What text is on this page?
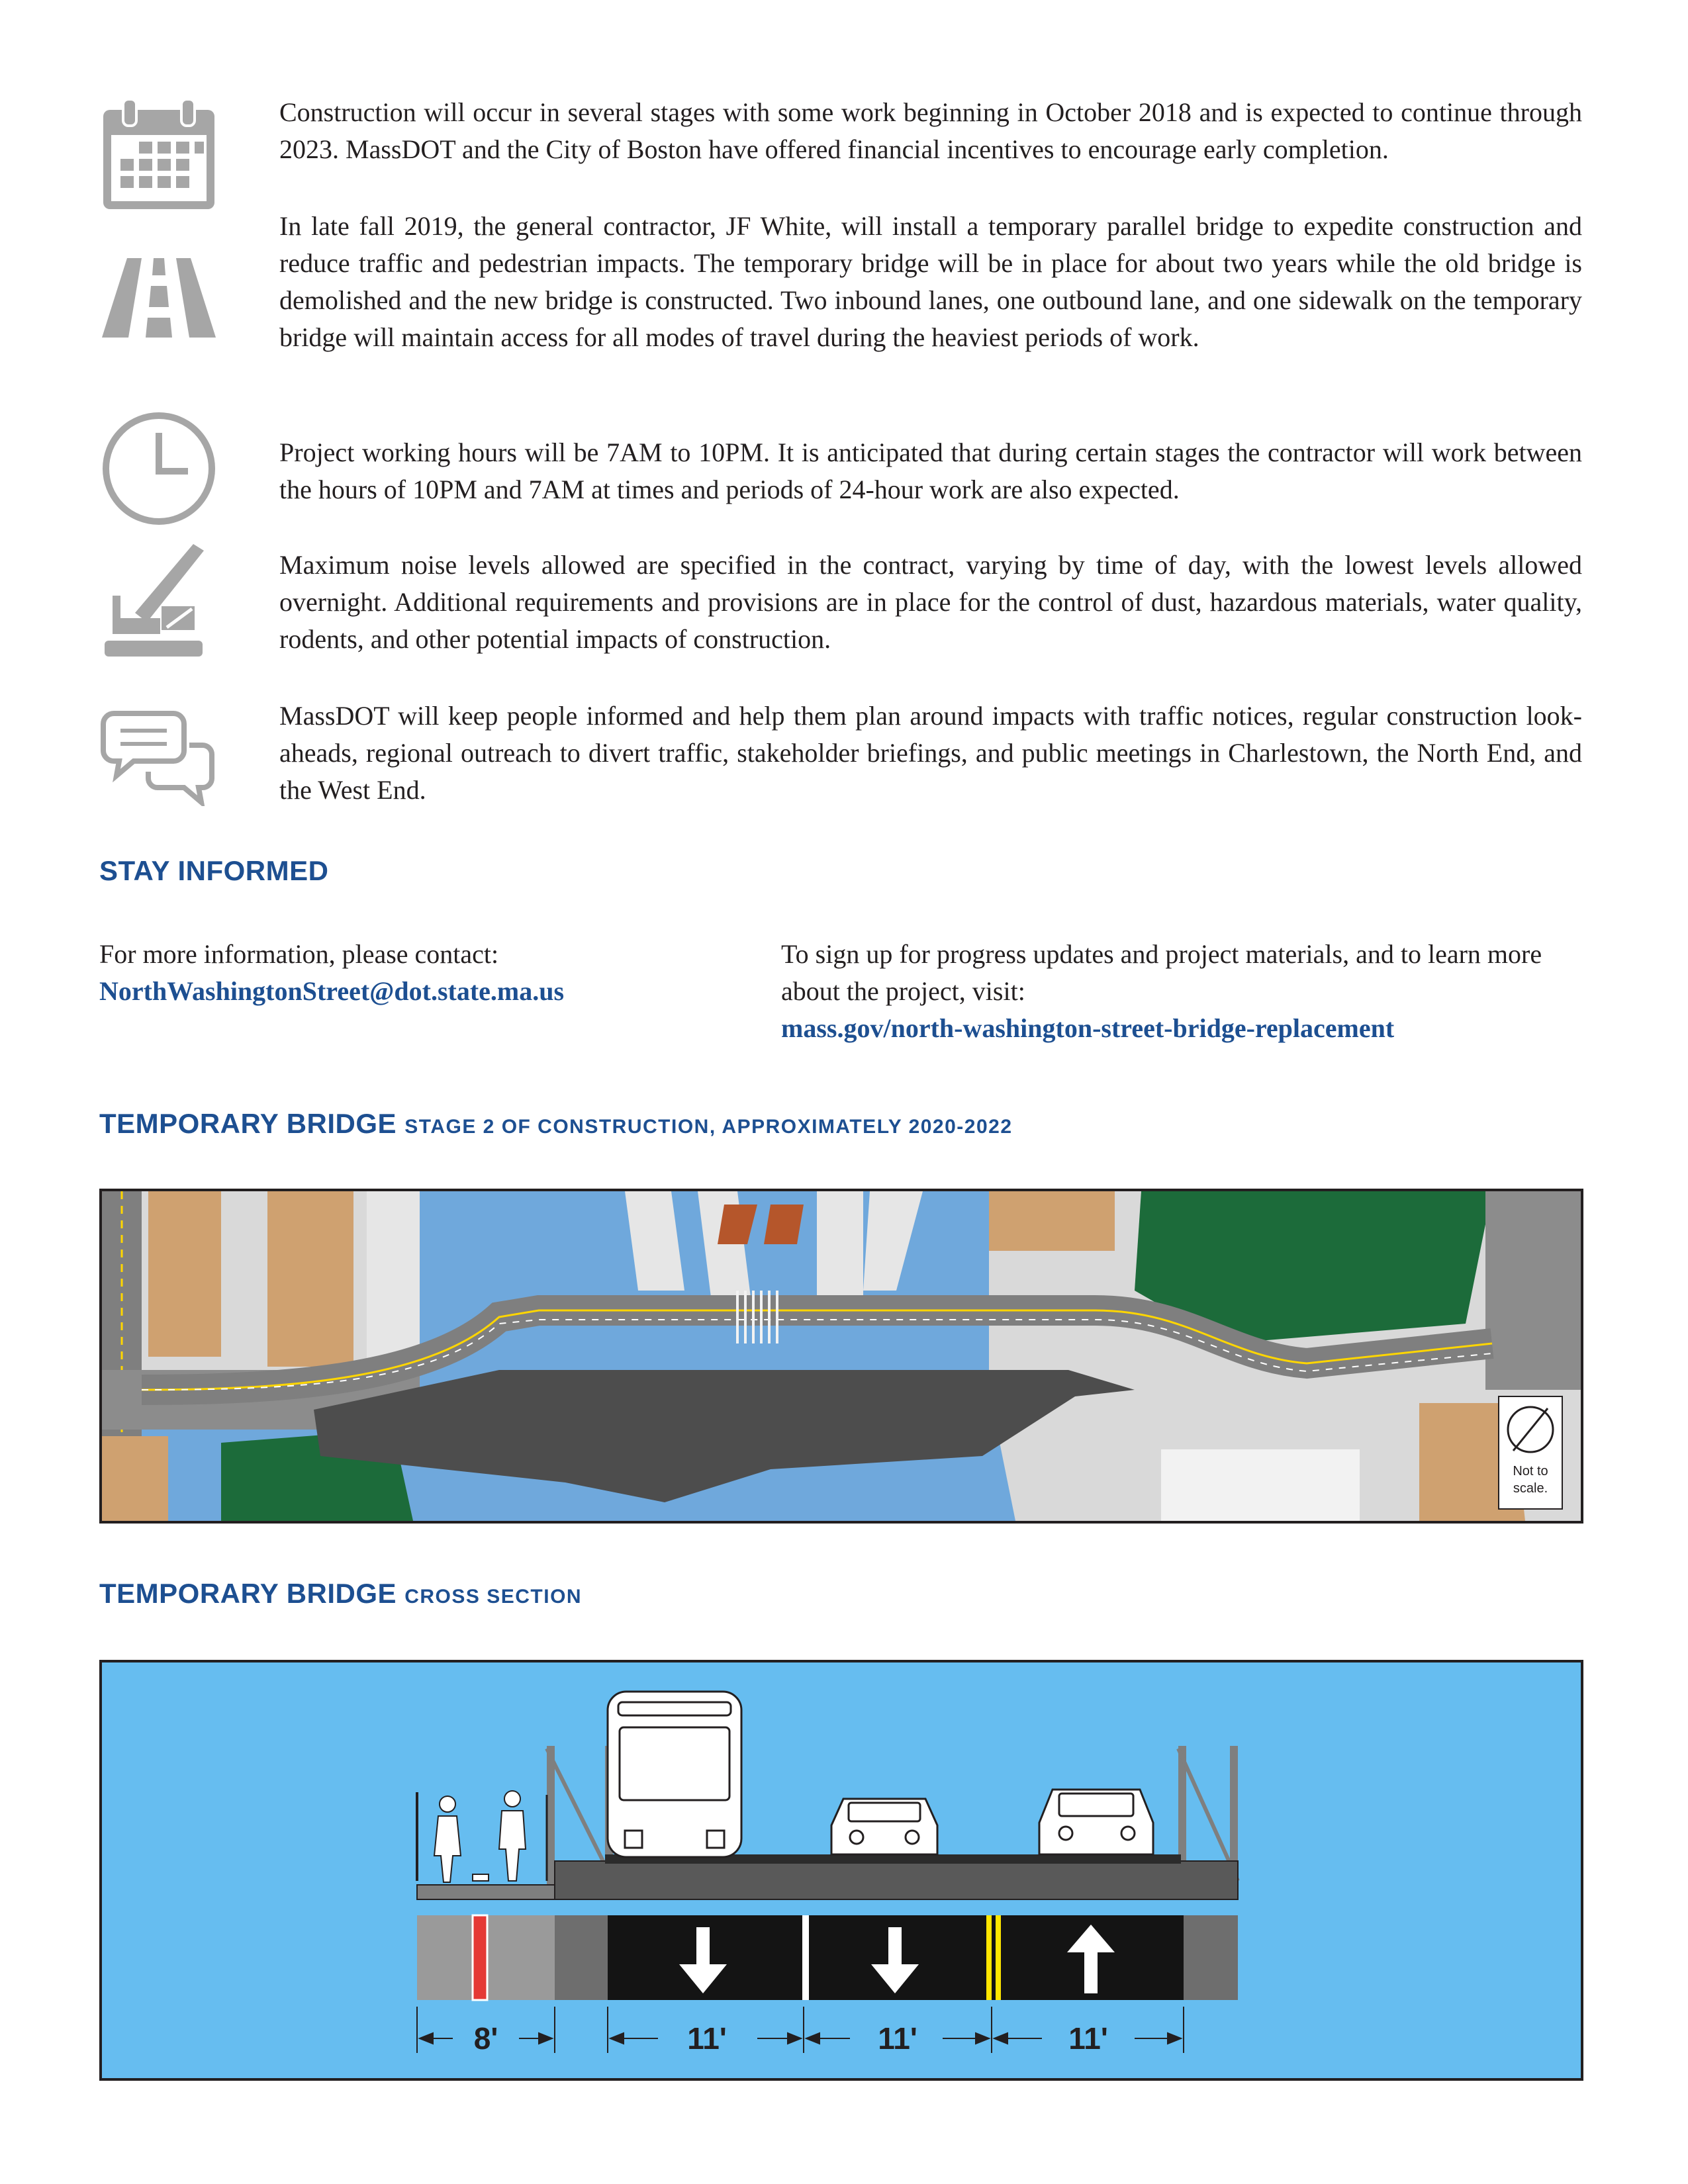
Construction will occur in several stages with some work beginning in October 2018 and is expected to continue through 2023. MassDOT and the City of Boston have offered financial incentives to encourage early completion.

In late fall 2019, the general contractor, JF White, will install a temporary parallel bridge to expedite construction and reduce traffic and pedestrian impacts. The temporary bridge will be in place for about two years while the old bridge is demolished and the new bridge is constructed. Two inbound lanes, one outbound lane, and one sidewalk on the temporary bridge will maintain access for all modes of travel during the heaviest periods of work.

Project working hours will be 7AM to 10PM. It is anticipated that during certain stages the contractor will work between the hours of 10PM and 7AM at times and periods of 24-hour work are also expected.

Maximum noise levels allowed are specified in the contract, varying by time of day, with the lowest levels allowed overnight. Additional requirements and provisions are in place for the control of dust, hazardous materials, water quality, rodents, and other potential impacts of construction.

MassDOT will keep people informed and help them plan around impacts with traffic notices, regular construction look-aheads, regional outreach to divert traffic, stakeholder briefings, and public meetings in Charlestown, the North End, and the West End.

STAY INFORMED
For more information, please contact:
NorthWashingtonStreet@dot.state.ma.us
To sign up for progress updates and project materials, and to learn more about the project, visit:
mass.gov/north-washington-street-bridge-replacement
TEMPORARY BRIDGE STAGE 2 OF CONSTRUCTION, APPROXIMATELY 2020-2022
Not to scale.
TEMPORARY BRIDGE CROSS SECTION
8'	11'	11'	11'
